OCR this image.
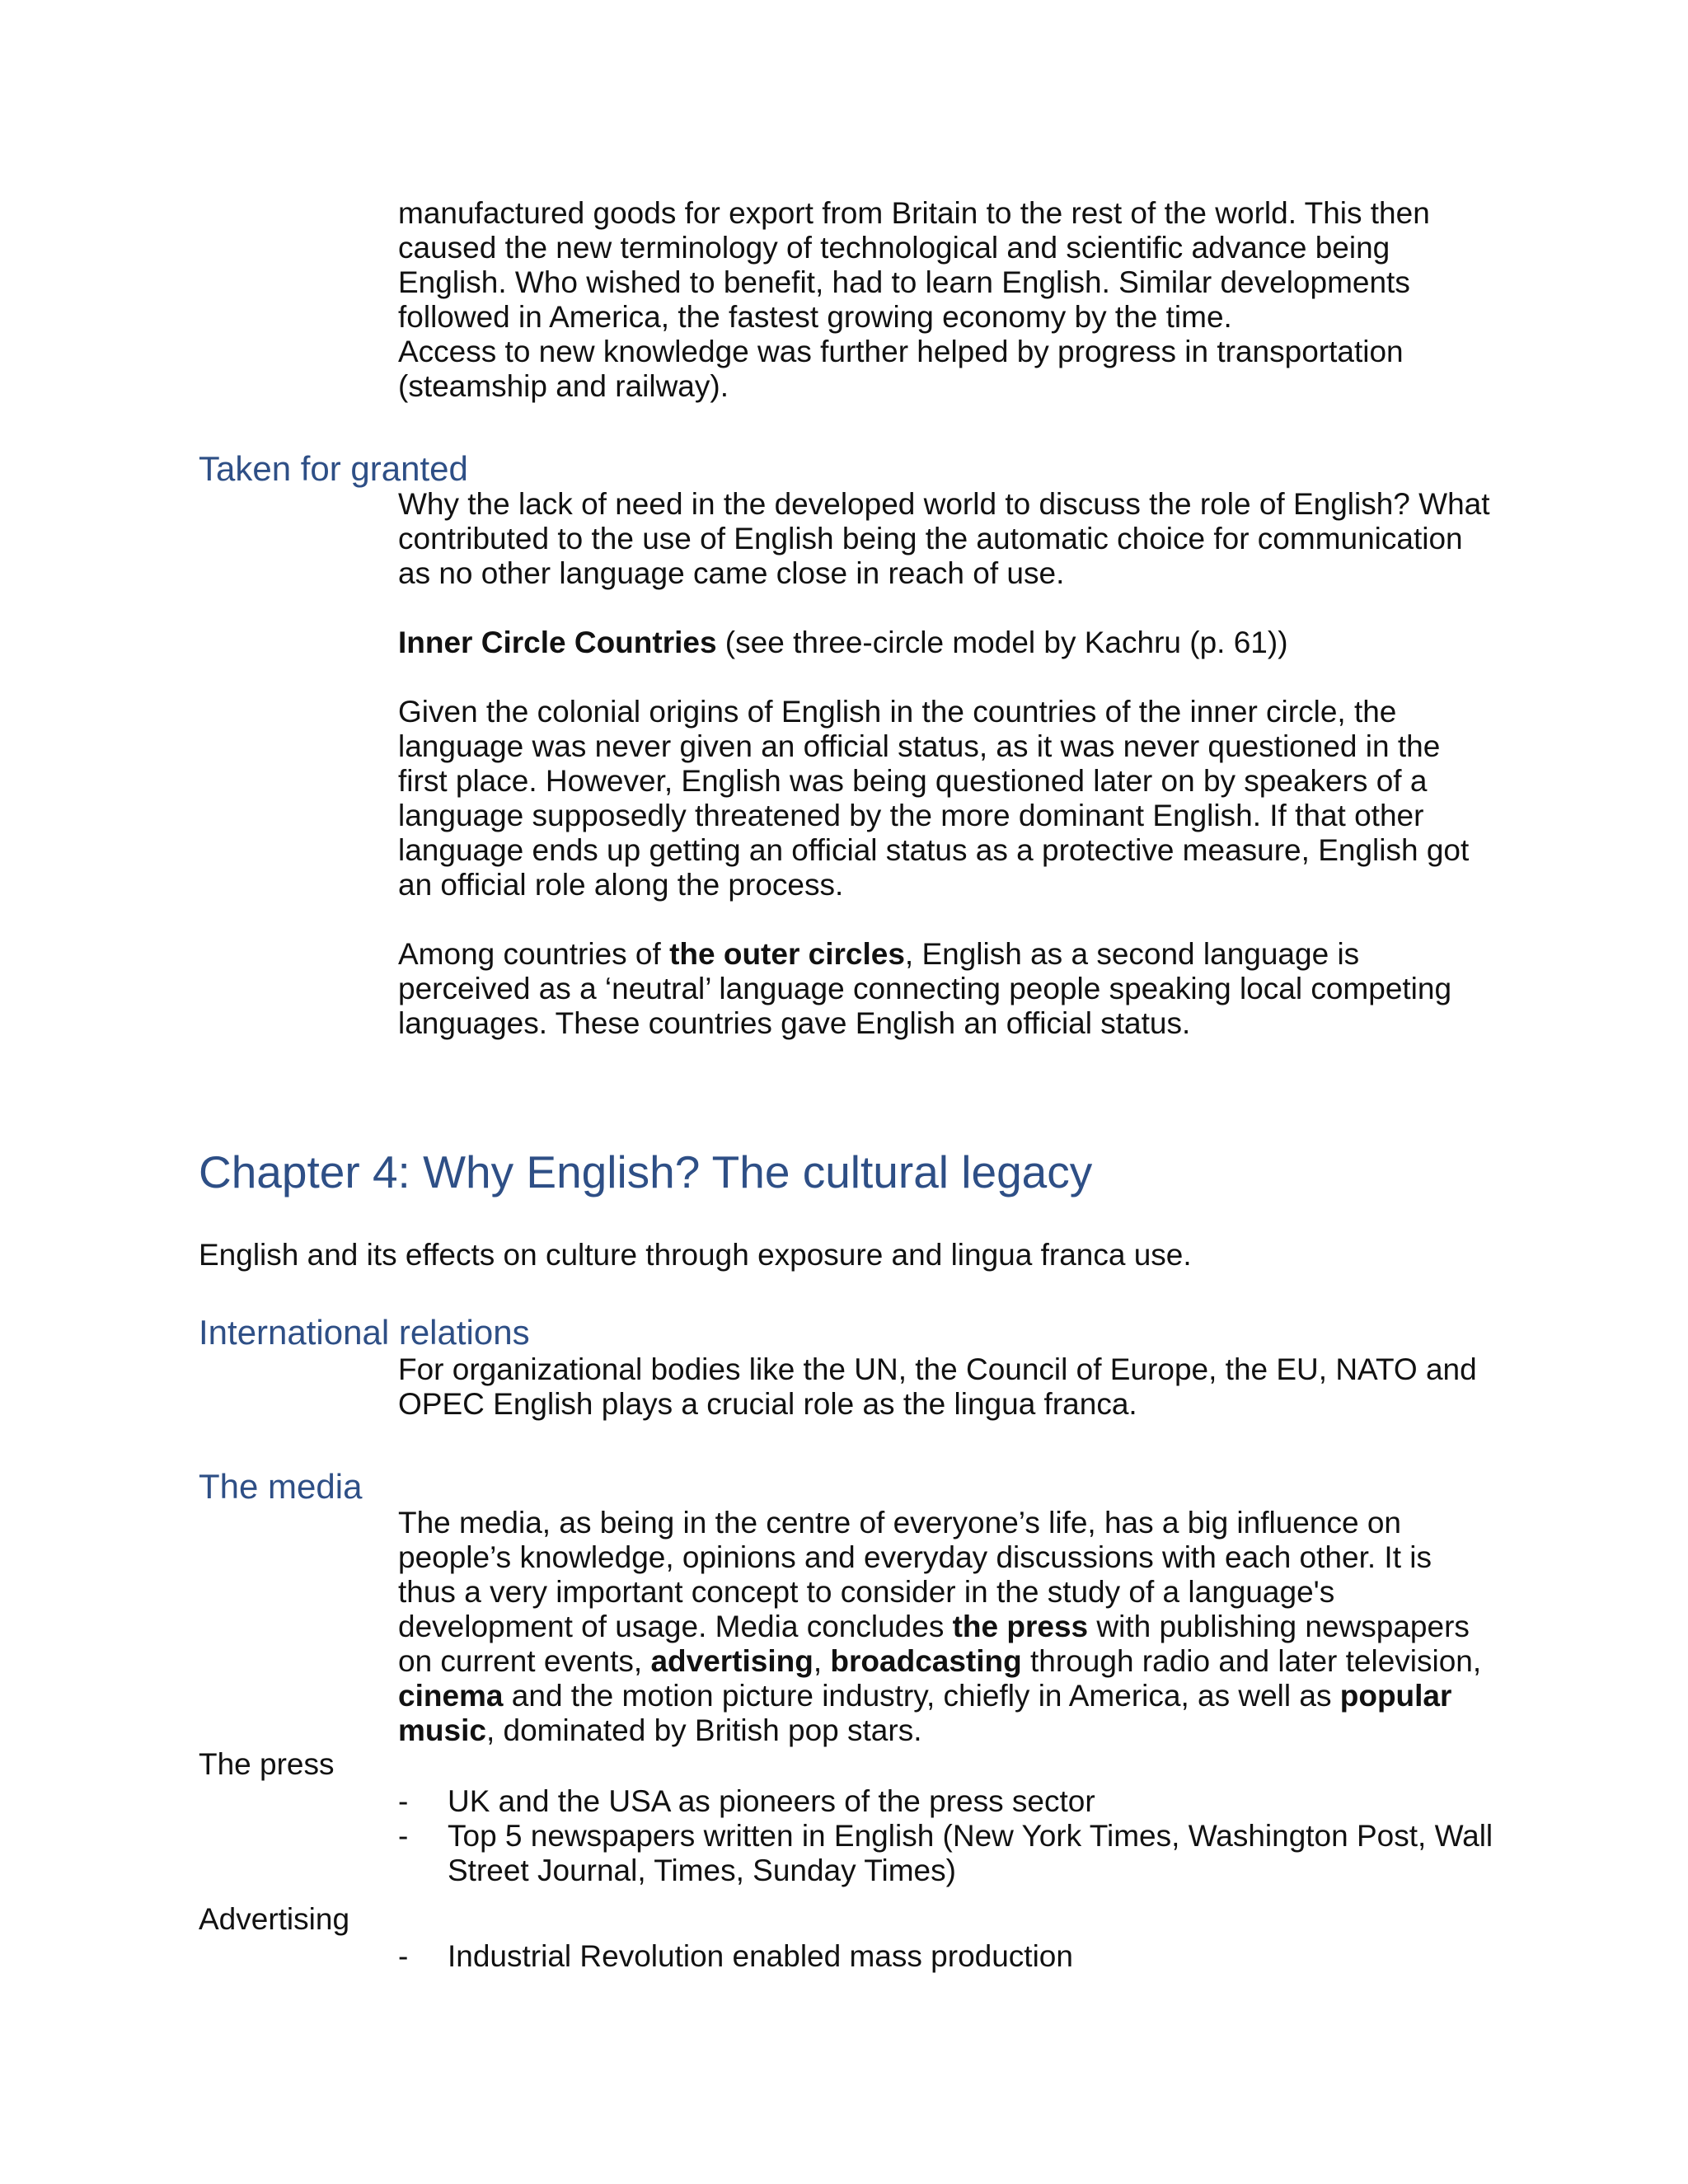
manufactured goods for export from Britain to the rest of the world. This then

caused the new terminology of technological and scientific advance being

English. Who wished to benefit, had to learn English. Similar developments

followed in America, the fastest growing economy by the time.

Access to new knowledge was further helped by progress in transportation

(steamship and railway).

Taken for granted
Why the lack of need in the developed world to discuss the role of English? What contributed to the use of English being the automatic choice for communication as no other language came close in reach of use.
Inner Circle Countries (see three-circle model by Kachru (p. 61))
Given the colonial origins of English in the countries of the inner circle, the language was never given an official status, as it was never questioned in the first place. However, English was being questioned later on by speakers of a language supposedly threatened by the more dominant English. If that other language ends up getting an official status as a protective measure, English got an official role along the process.
Among countries of the outer circles, English as a second language is perceived as a ‘neutral’ language connecting people speaking local competing languages. These countries gave English an official status.
Chapter 4: Why English? The cultural legacy
English and its effects on culture through exposure and lingua franca use.
International relations
For organizational bodies like the UN, the Council of Europe, the EU, NATO and OPEC English plays a crucial role as the lingua franca.
The media
The media, as being in the centre of everyone’s life, has a big influence on people’s knowledge, opinions and everyday discussions with each other. It is thus a very important concept to consider in the study of a language's development of usage. Media concludes the press with publishing newspapers on current events, advertising, broadcasting through radio and later television, cinema and the motion picture industry, chiefly in America, as well as popular music, dominated by British pop stars.
The press
- UK and the USA as pioneers of the press sector
- Top 5 newspapers written in English (New York Times, Washington Post, Wall Street Journal, Times, Sunday Times)
Advertising
- Industrial Revolution enabled mass production
